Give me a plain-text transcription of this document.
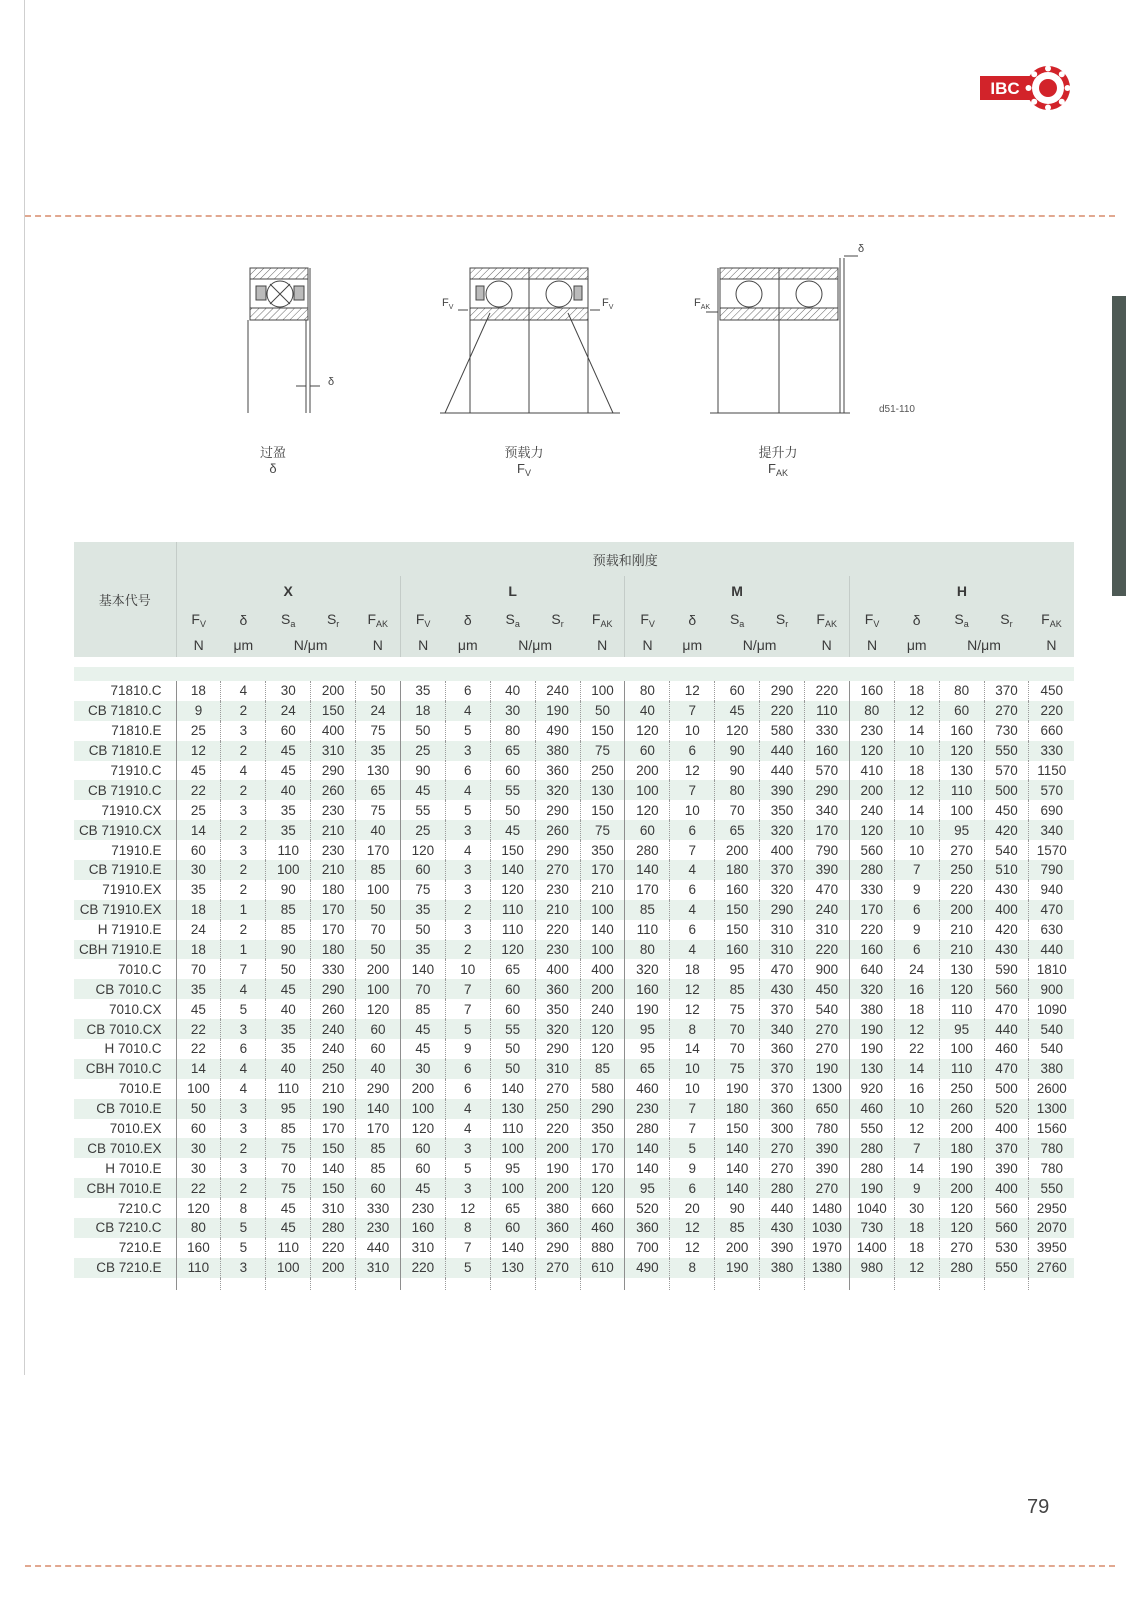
IBC
δ
$F_V$	$F_V$
δ
$F_{AK}$
d51-110
过盈
δ
预载力
$F_V$
提升力
$F_{AK}$
基本代号	预载和刚度																			
	X					L					M					H				
	$F_V$	δ	$S_a$	$S_r$	$F_{AK}$	$F_V$	δ	$S_a$	$S_r$	$F_{AK}$	$F_V$	δ	$S_a$	$S_r$	$F_{AK}$	$F_V$	δ	$S_a$	$S_r$	$F_{AK}$
	N	μm	N/μm		N	N	μm	N/μm		N	N	μm	N/μm		N	N	μm	N/μm		N

71810.C	18	4	30	200	50	35	6	40	240	100	80	12	60	290	220	160	18	80	370	450
CB 71810.C	9	2	24	150	24	18	4	30	190	50	40	7	45	220	110	80	12	60	270	220
71810.E	25	3	60	400	75	50	5	80	490	150	120	10	120	580	330	230	14	160	730	660
CB 71810.E	12	2	45	310	35	25	3	65	380	75	60	6	90	440	160	120	10	120	550	330
71910.C	45	4	45	290	130	90	6	60	360	250	200	12	90	440	570	410	18	130	570	1150
CB 71910.C	22	2	40	260	65	45	4	55	320	130	100	7	80	390	290	200	12	110	500	570
71910.CX	25	3	35	230	75	55	5	50	290	150	120	10	70	350	340	240	14	100	450	690
CB 71910.CX	14	2	35	210	40	25	3	45	260	75	60	6	65	320	170	120	10	95	420	340
71910.E	60	3	110	230	170	120	4	150	290	350	280	7	200	400	790	560	10	270	540	1570
CB 71910.E	30	2	100	210	85	60	3	140	270	170	140	4	180	370	390	280	7	250	510	790
71910.EX	35	2	90	180	100	75	3	120	230	210	170	6	160	320	470	330	9	220	430	940
CB 71910.EX	18	1	85	170	50	35	2	110	210	100	85	4	150	290	240	170	6	200	400	470
H 71910.E	24	2	85	170	70	50	3	110	220	140	110	6	150	310	310	220	9	210	420	630
CBH 71910.E	18	1	90	180	50	35	2	120	230	100	80	4	160	310	220	160	6	210	430	440
7010.C	70	7	50	330	200	140	10	65	400	400	320	18	95	470	900	640	24	130	590	1810
CB 7010.C	35	4	45	290	100	70	7	60	360	200	160	12	85	430	450	320	16	120	560	900
7010.CX	45	5	40	260	120	85	7	60	350	240	190	12	75	370	540	380	18	110	470	1090
CB 7010.CX	22	3	35	240	60	45	5	55	320	120	95	8	70	340	270	190	12	95	440	540
H 7010.C	22	6	35	240	60	45	9	50	290	120	95	14	70	360	270	190	22	100	460	540
CBH 7010.C	14	4	40	250	40	30	6	50	310	85	65	10	75	370	190	130	14	110	470	380
7010.E	100	4	110	210	290	200	6	140	270	580	460	10	190	370	1300	920	16	250	500	2600
CB 7010.E	50	3	95	190	140	100	4	130	250	290	230	7	180	360	650	460	10	260	520	1300
7010.EX	60	3	85	170	170	120	4	110	220	350	280	7	150	300	780	550	12	200	400	1560
CB 7010.EX	30	2	75	150	85	60	3	100	200	170	140	5	140	270	390	280	7	180	370	780
H 7010.E	30	3	70	140	85	60	5	95	190	170	140	9	140	270	390	280	14	190	390	780
CBH 7010.E	22	2	75	150	60	45	3	100	200	120	95	6	140	280	270	190	9	200	400	550
7210.C	120	8	45	310	330	230	12	65	380	660	520	20	90	440	1480	1040	30	120	560	2950
CB 7210.C	80	5	45	280	230	160	8	60	360	460	360	12	85	430	1030	730	18	120	560	2070
7210.E	160	5	110	220	440	310	7	140	290	880	700	12	200	390	1970	1400	18	270	530	3950
CB 7210.E	110	3	100	200	310	220	5	130	270	610	490	8	190	380	1380	980	12	280	550	2760

79
